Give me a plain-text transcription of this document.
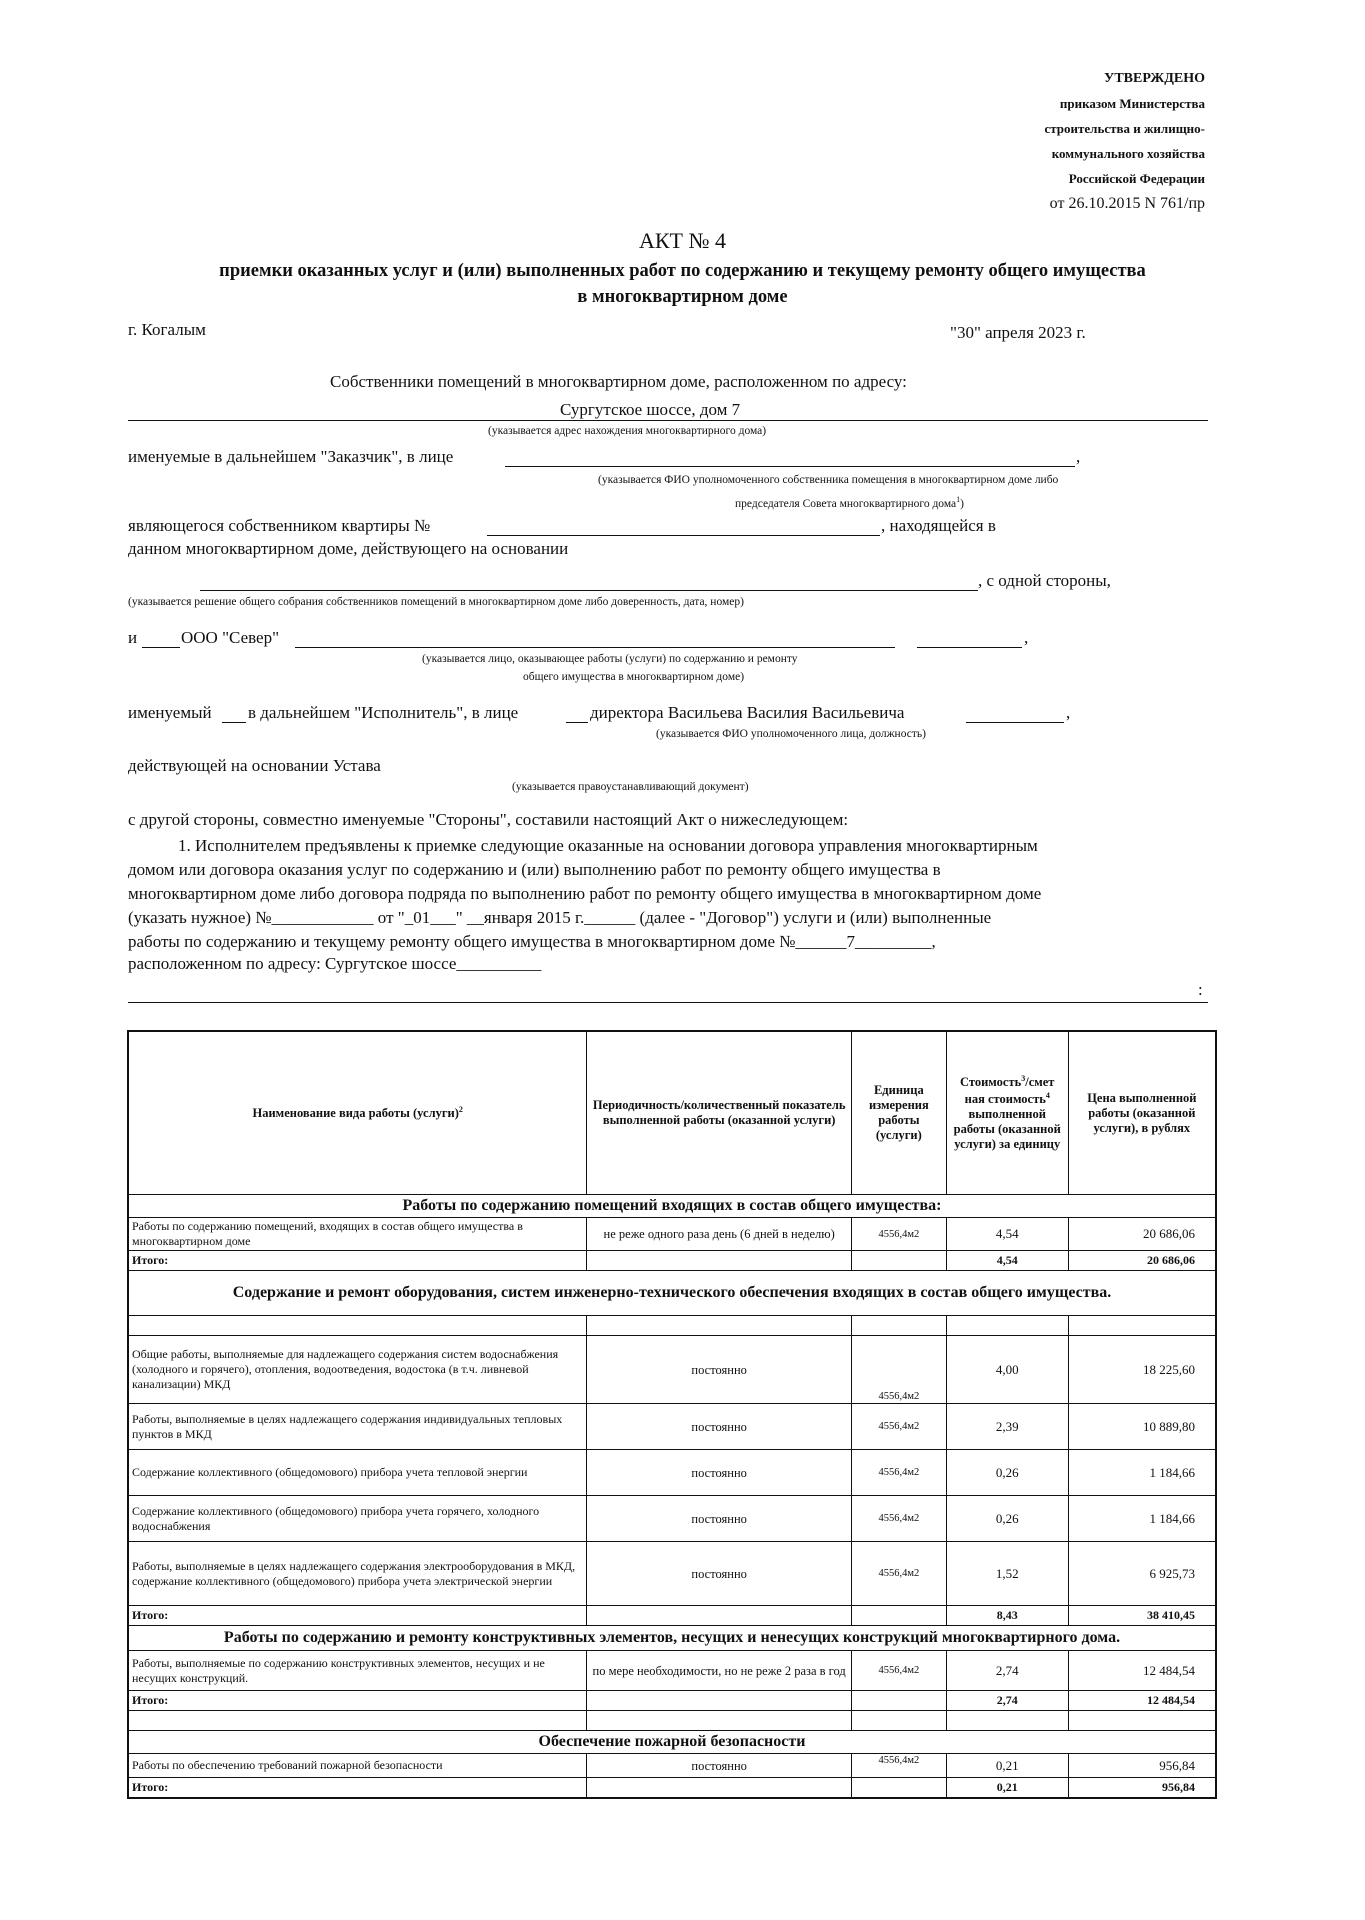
УТВЕРЖДЕНО
приказом Министерства
строительства и жилищно-
коммунального хозяйства
Российской Федерации
от 26.10.2015 N 761/пр
АКТ № 4
приемки оказанных услуг и (или) выполненных работ по содержанию и текущему ремонту общего имущества
в многоквартирном доме
г. Когалым	"30" апреля 2023 г.
Собственники помещений в многоквартирном доме, расположенном по адресу:
Сургутское шоссе, дом 7
(указывается адрес нахождения многоквартирного дома)
именуемые в дальнейшем "Заказчик", в лице	,
(указывается ФИО уполномоченного собственника помещения в многоквартирном доме либо
председателя Совета многоквартирного дома$^1$)
являющегося собственником квартиры №	, находящейся в
данном многоквартирном доме, действующего на основании
, с одной стороны,
(указывается решение общего собрания собственников помещений в многоквартирном доме либо доверенность, дата, номер)
и	ООО "Север"	,
(указывается лицо, оказывающее работы (услуги) по содержанию и ремонту
общего имущества в многоквартирном доме)
именуемый в дальнейшем "Исполнитель", в лице	директора Васильева Василия Васильевича	,
(указывается ФИО уполномоченного лица, должность)
действующей на основании Устава
(указывается правоустанавливающий документ)
с другой стороны, совместно именуемые "Стороны", составили настоящий Акт о нижеследующем:
1. Исполнителем предъявлены к приемке следующие оказанные на основании договора управления многоквартирным
домом или договора оказания услуг по содержанию и (или) выполнению работ по ремонту общего имущества в
многоквартирном доме либо договора подряда по выполнению работ по ремонту общего имущества в многоквартирном доме
(указать нужное) №____________ от "_01___" __января 2015 г.______ (далее - "Договор") услуги и (или) выполненные
работы по содержанию и текущему ремонту общего имущества в многоквартирном доме №______7_________,
расположенном по адресу: Сургутское шоссе__________
:
Наименование вида работы (услуги)$^2$	Периодичность/количественный показатель выполненной работы (оказанной услуги)	Единица измерения работы (услуги)	Стоимость$^3$/смет ная стоимость$^4$ выполненной работы (оказанной услуги) за единицу	Цена выполненной работы (оказанной услуги), в рублях
Работы по содержанию помещений входящих в состав общего имущества:				
Работы по содержанию помещений, входящих в состав общего имущества в многоквартирном доме	не реже одного раза день (6 дней в неделю)	4556,4м2	4,54	20 686,06
Итого:			4,54	20 686,06
Содержание и ремонт оборудования, систем инженерно-технического обеспечения входящих в состав общего имущества.				

Общие работы, выполняемые для надлежащего содержания систем водоснабжения (холодного и горячего), отопления, водоотведения, водостока (в т.ч. ливневой канализации) МКД	постоянно	4556,4м2	4,00	18 225,60
Работы, выполняемые в целях надлежащего содержания индивидуальных тепловых пунктов в МКД	постоянно	4556,4м2	2,39	10 889,80
Содержание коллективного (общедомового) прибора учета тепловой энергии	постоянно	4556,4м2	0,26	1 184,66
Содержание коллективного (общедомового) прибора учета горячего, холодного водоснабжения	постоянно	4556,4м2	0,26	1 184,66
Работы, выполняемые в целях надлежащего содержания электрооборудования в МКД, содержание коллективного (общедомового) прибора учета электрической энергии	постоянно	4556,4м2	1,52	6 925,73
Итого:			8,43	38 410,45
Работы по содержанию и ремонту конструктивных элементов, несущих и ненесущих конструкций многоквартирного дома.				
Работы, выполняемые по содержанию конструктивных элементов, несущих и не несущих конструкций.	по мере необходимости, но не реже 2 раза в год	4556,4м2	2,74	12 484,54
Итого:			2,74	12 484,54

Обеспечение пожарной безопасности				
Работы по обеспечению требований пожарной безопасности	постоянно	4556,4м2	0,21	956,84
Итого:			0,21	956,84
